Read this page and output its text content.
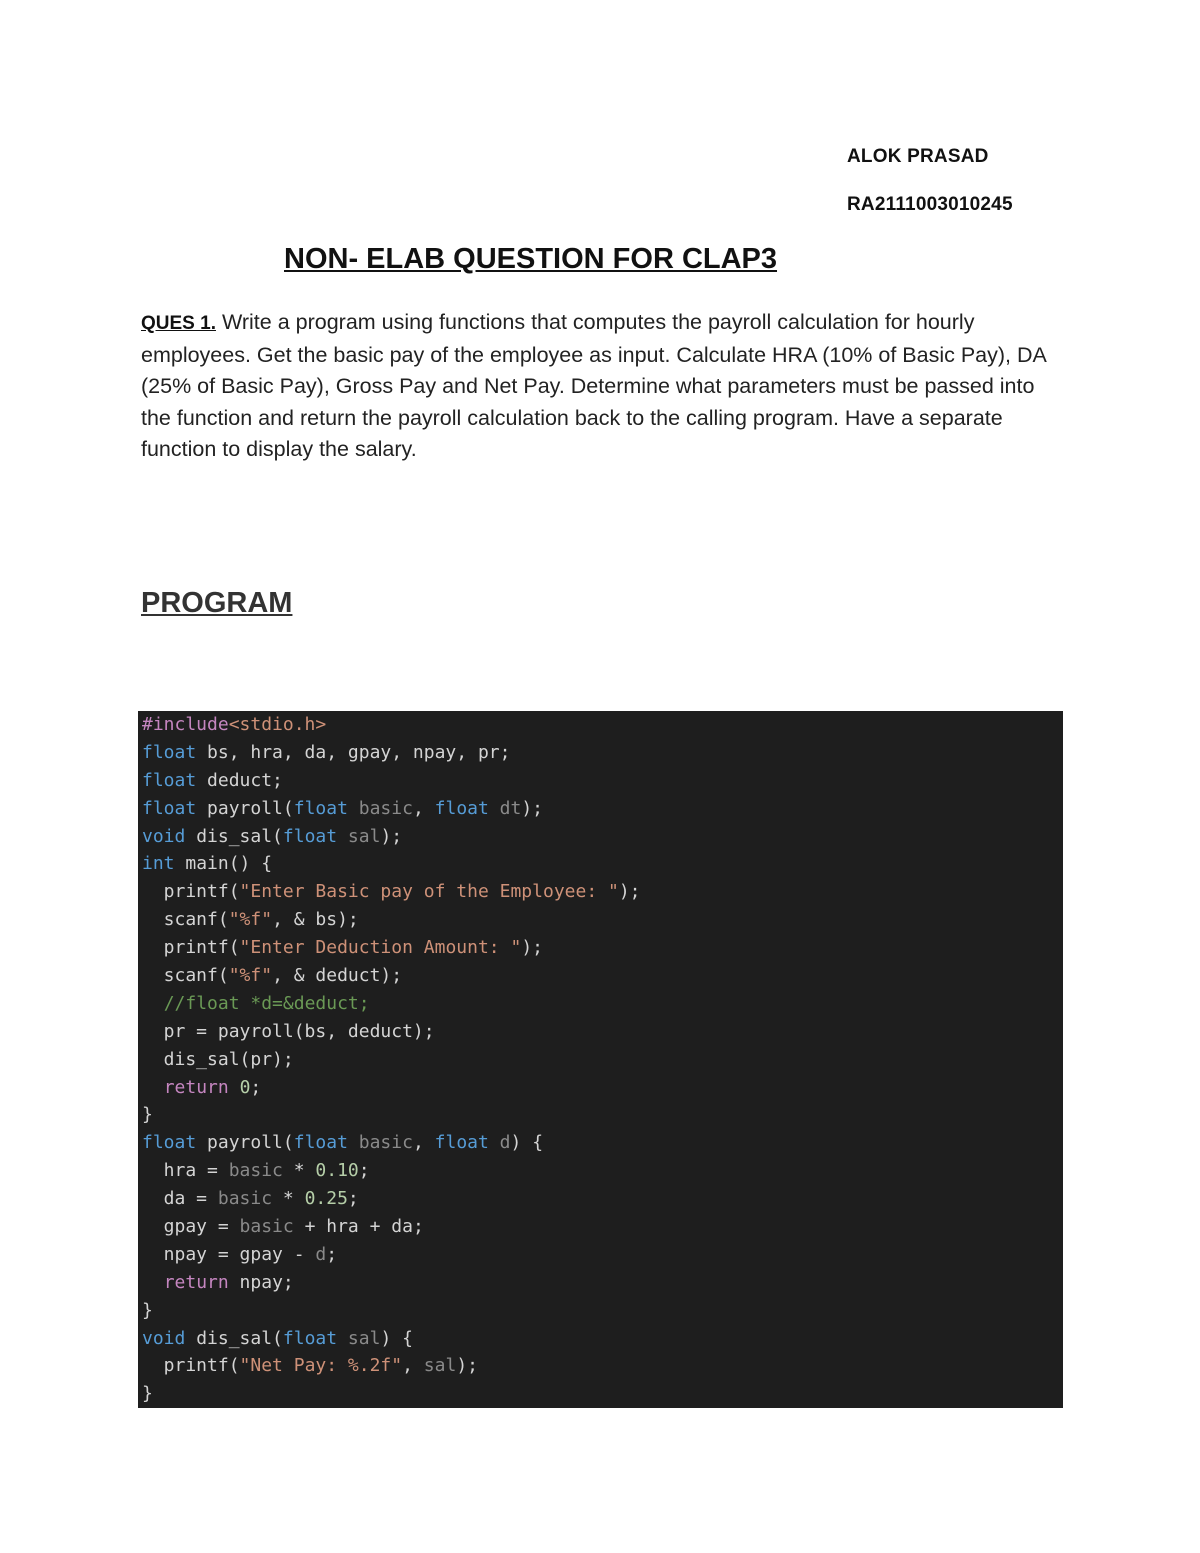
ALOK PRASAD
RA2111003010245
NON- ELAB QUESTION FOR CLAP3
QUES 1. Write a program using functions that computes the payroll calculation for hourly employees. Get the basic pay of the employee as input. Calculate HRA (10% of Basic Pay), DA (25% of Basic Pay), Gross Pay and Net Pay. Determine what parameters must be passed into the function and return the payroll calculation back to the calling program. Have a separate function to display the salary.
PROGRAM
#include<stdio.h>
float bs, hra, da, gpay, npay, pr;
float deduct;
float payroll(float basic, float dt);
void dis_sal(float sal);
int main() {
printf("Enter Basic pay of the Employee: ");
scanf("%f", & bs);
printf("Enter Deduction Amount: ");
scanf("%f", & deduct);
//float *d=&deduct;
pr = payroll(bs, deduct);
dis_sal(pr);
return 0;
}
float payroll(float basic, float d) {
hra = basic * 0.10;
da = basic * 0.25;
gpay = basic + hra + da;
npay = gpay - d;
return npay;
}
void dis_sal(float sal) {
printf("Net Pay: %.2f", sal);
}
